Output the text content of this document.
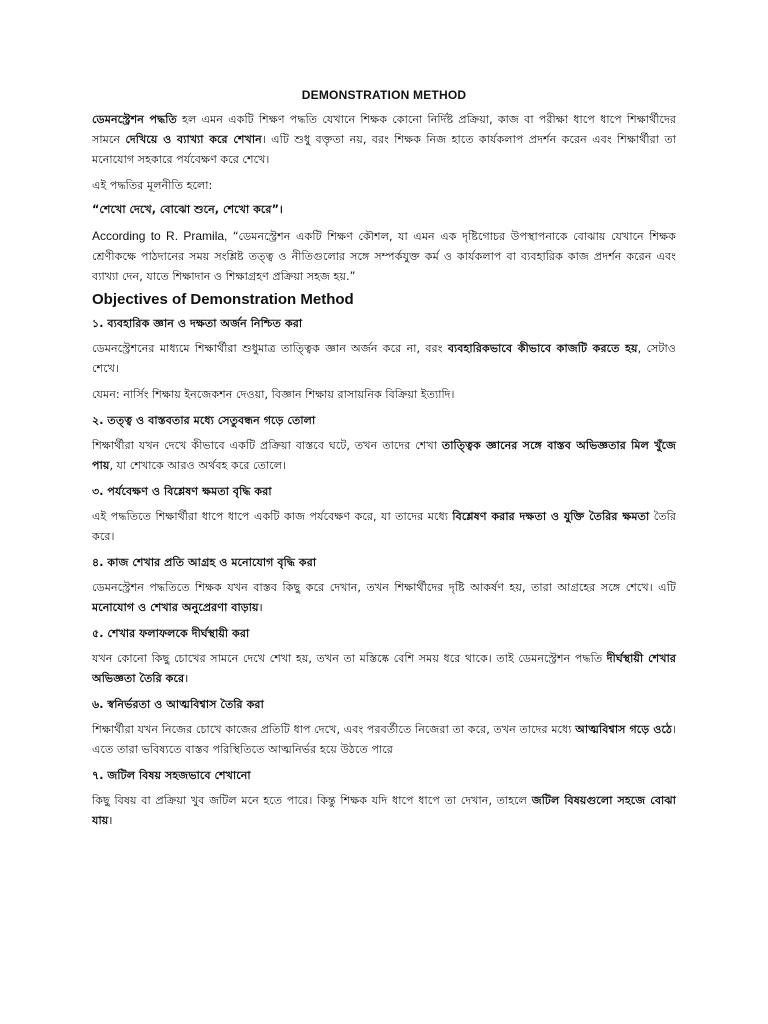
DEMONSTRATION METHOD

ডেমনস্ট্রেশন পদ্ধতি হল এমন একটি শিক্ষণ পদ্ধতি যেখানে শিক্ষক কোনো নির্দিষ্ট প্রক্রিয়া, কাজ বা পরীক্ষা ধাপে ধাপে শিক্ষার্থীদের সামনে দেখিয়ে ও ব্যাখ্যা করে শেখান। এটি শুধু বক্তৃতা নয়, বরং শিক্ষক নিজ হাতে কার্যকলাপ প্রদর্শন করেন এবং শিক্ষার্থীরা তা মনোযোগ সহকারে পর্যবেক্ষণ করে শেখে।

এই পদ্ধতির মূলনীতি হলো:

“শেখো দেখে, বোঝো শুনে, শেখো করে”।

According to R. Pramila, “ডেমনস্ট্রেশন একটি শিক্ষণ কৌশল, যা এমন এক দৃষ্টিগোচর উপস্থাপনাকে বোঝায় যেখানে শিক্ষক শ্রেণীকক্ষে পাঠদানের সময় সংশ্লিষ্ট তত্ত্ব ও নীতিগুলোর সঙ্গে সম্পর্কযুক্ত কর্ম ও কার্যকলাপ বা ব্যবহারিক কাজ প্রদর্শন করেন এবং ব্যাখ্যা দেন, যাতে শিক্ষাদান ও শিক্ষাগ্রহণ প্রক্রিয়া সহজ হয়.”

Objectives of Demonstration Method
১. ব্যবহারিক জ্ঞান ও দক্ষতা অর্জন নিশ্চিত করা

ডেমনস্ট্রেশনের মাধ্যমে শিক্ষার্থীরা শুধুমাত্র তাত্ত্বিক জ্ঞান অর্জন করে না, বরং ব্যবহারিকভাবে কীভাবে কাজটি করতে হয়, সেটাও শেখে।

যেমন: নার্সিং শিক্ষায় ইনজেকশন দেওয়া, বিজ্ঞান শিক্ষায় রাসায়নিক বিক্রিয়া ইত্যাদি।

২. তত্ত্ব ও বাস্তবতার মধ্যে সেতুবন্ধন গড়ে তোলা

শিক্ষার্থীরা যখন দেখে কীভাবে একটি প্রক্রিয়া বাস্তবে ঘটে, তখন তাদের শেখা তাত্ত্বিক জ্ঞানের সঙ্গে বাস্তব অভিজ্ঞতার মিল খুঁজে পায়, যা শেখাকে আরও অর্থবহ করে তোলে।

৩. পর্যবেক্ষণ ও বিশ্লেষণ ক্ষমতা বৃদ্ধি করা

এই পদ্ধতিতে শিক্ষার্থীরা ধাপে ধাপে একটি কাজ পর্যবেক্ষণ করে, যা তাদের মধ্যে বিশ্লেষণ করার দক্ষতা ও যুক্তি তৈরির ক্ষমতা তৈরি করে।

৪. কাজ শেখার প্রতি আগ্রহ ও মনোযোগ বৃদ্ধি করা

ডেমনস্ট্রেশন পদ্ধতিতে শিক্ষক যখন বাস্তব কিছু করে দেখান, তখন শিক্ষার্থীদের দৃষ্টি আকর্ষণ হয়, তারা আগ্রহের সঙ্গে শেখে। এটি মনোযোগ ও শেখার অনুপ্রেরণা বাড়ায়।

৫. শেখার ফলাফলকে দীর্ঘস্থায়ী করা

যখন কোনো কিছু চোখের সামনে দেখে শেখা হয়, তখন তা মস্তিষ্কে বেশি সময় ধরে থাকে। তাই ডেমনস্ট্রেশন পদ্ধতি দীর্ঘস্থায়ী শেখার অভিজ্ঞতা তৈরি করে।

৬. স্বনির্ভরতা ও আত্মবিশ্বাস তৈরি করা

শিক্ষার্থীরা যখন নিজের চোখে কাজের প্রতিটি ধাপ দেখে, এবং পরবর্তীতে নিজেরা তা করে, তখন তাদের মধ্যে আত্মবিশ্বাস গড়ে ওঠে। এতে তারা ভবিষ্যতে বাস্তব পরিস্থিতিতে আত্মনির্ভর হয়ে উঠতে পারে

৭. জটিল বিষয় সহজভাবে শেখানো

কিছু বিষয় বা প্রক্রিয়া খুব জটিল মনে হতে পারে। কিন্তু শিক্ষক যদি ধাপে ধাপে তা দেখান, তাহলে জটিল বিষয়গুলো সহজে বোঝা যায়।
